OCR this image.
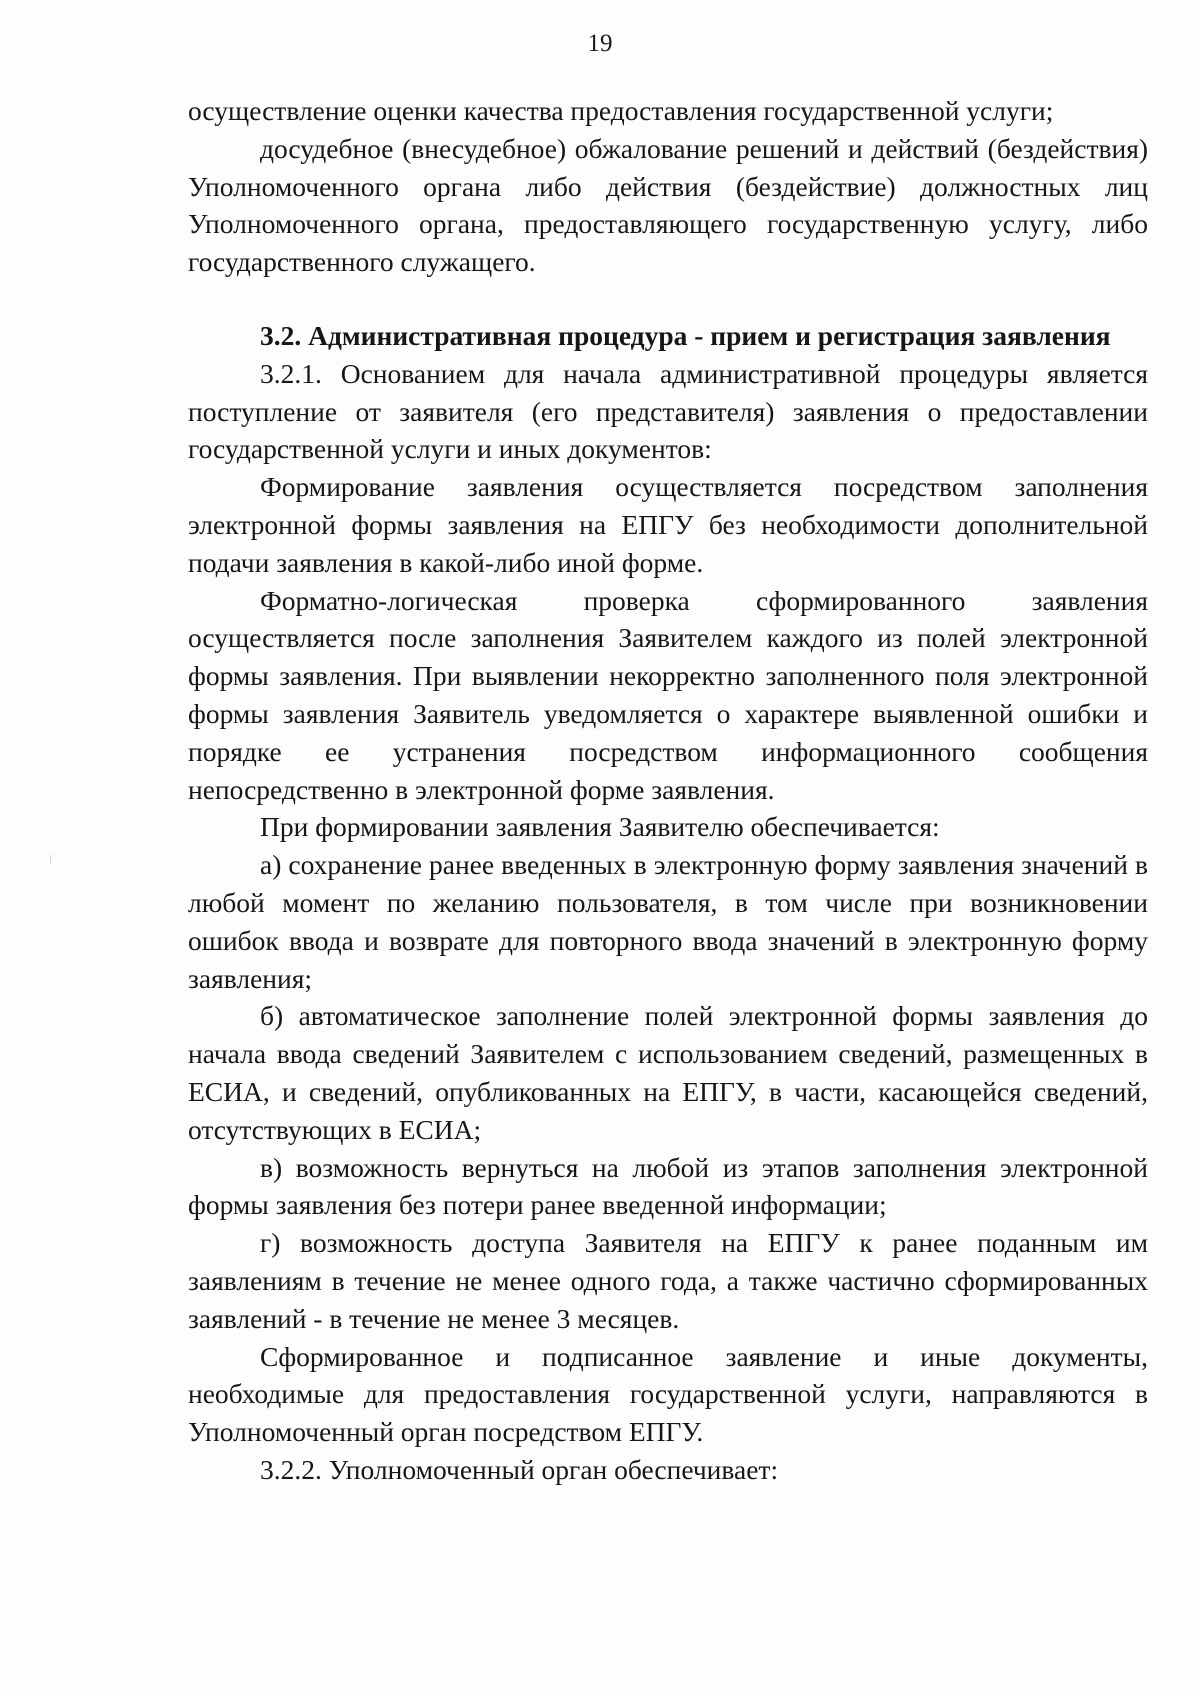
19

осуществление оценки качества предоставления государственной услуги;

досудебное (внесудебное) обжалование решений и действий (бездействия) Уполномоченного органа либо действия (бездействие) должностных лиц Уполномоченного органа, предоставляющего государственную услугу, либо государственного служащего.

3.2. Административная процедура - прием и регистрация заявления

3.2.1. Основанием для начала административной процедуры является поступление от заявителя (его представителя) заявления о предоставлении государственной услуги и иных документов:

Формирование заявления осуществляется посредством заполнения электронной формы заявления на ЕПГУ без необходимости дополнительной подачи заявления в какой-либо иной форме.

Форматно-логическая проверка сформированного заявления осуществляется после заполнения Заявителем каждого из полей электронной формы заявления. При выявлении некорректно заполненного поля электронной формы заявления Заявитель уведомляется о характере выявленной ошибки и порядке ее устранения посредством информационного сообщения непосредственно в электронной форме заявления.

При формировании заявления Заявителю обеспечивается:

а) сохранение ранее введенных в электронную форму заявления значений в любой момент по желанию пользователя, в том числе при возникновении ошибок ввода и возврате для повторного ввода значений в электронную форму заявления;

б) автоматическое заполнение полей электронной формы заявления до начала ввода сведений Заявителем с использованием сведений, размещенных в ЕСИА, и сведений, опубликованных на ЕПГУ, в части, касающейся сведений, отсутствующих в ЕСИА;

в) возможность вернуться на любой из этапов заполнения электронной формы заявления без потери ранее введенной информации;

г) возможность доступа Заявителя на ЕПГУ к ранее поданным им заявлениям в течение не менее одного года, а также частично сформированных заявлений - в течение не менее 3 месяцев.

Сформированное и подписанное заявление и иные документы, необходимые для предоставления государственной услуги, направляются в Уполномоченный орган посредством ЕПГУ.

3.2.2. Уполномоченный орган обеспечивает:
